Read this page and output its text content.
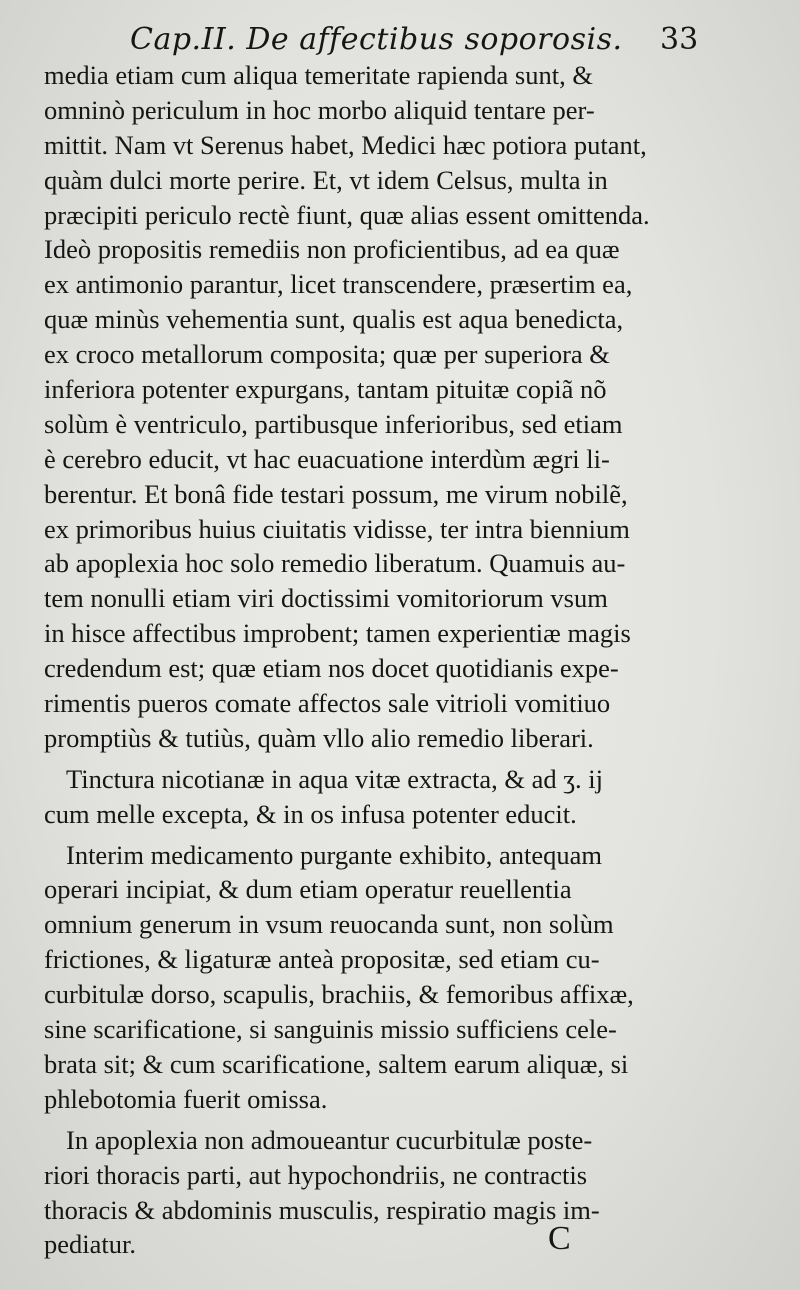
Cap.II. De affectibus soporosis. 33
media etiam cum aliqua temeritate rapienda sunt, &
omninò periculum in hoc morbo aliquid tentare per-
mittit. Nam vt Serenus habet, Medici hæc potiora putant,
quàm dulci morte perire. Et, vt idem Celsus, multa in
præcipiti periculo rectè fiunt, quæ alias essent omittenda.
Ideò propositis remediis non proficientibus, ad ea quæ
ex antimonio parantur, licet transcendere, præsertim ea,
quæ minùs vehementia sunt, qualis est aqua benedicta,
ex croco metallorum composita; quæ per superiora &
inferiora potenter expurgans, tantam pituitæ copiã nõ
solùm è ventriculo, partibusque inferioribus, sed etiam
è cerebro educit, vt hac euacuatione interdùm ægri li-
berentur. Et bonâ fide testari possum, me virum nobilẽ,
ex primoribus huius ciuitatis vidisse, ter intra biennium
ab apoplexia hoc solo remedio liberatum. Quamuis au-
tem nonulli etiam viri doctissimi vomitoriorum vsum
in hisce affectibus improbent; tamen experientiæ magis
credendum est; quæ etiam nos docet quotidianis expe-
rimentis pueros comate affectos sale vitrioli vomitiuo
promptiùs & tutiùs, quàm vllo alio remedio liberari.
Tinctura nicotianæ in aqua vitæ extracta, & ad ʒ. ij
cum melle excepta, & in os infusa potenter educit.
Interim medicamento purgante exhibito, antequam
operari incipiat, & dum etiam operatur reuellentia
omnium generum in vsum reuocanda sunt, non solùm
frictiones, & ligaturæ anteà propositæ, sed etiam cu-
curbitulæ dorso, scapulis, brachiis, & femoribus affixæ,
sine scarificatione, si sanguinis missio sufficiens cele-
brata sit; & cum scarificatione, saltem earum aliquæ, si
phlebotomia fuerit omissa.
In apoplexia non admoueantur cucurbitulæ poste-
riori thoracis parti, aut hypochondriis, ne contractis
thoracis & abdominis musculis, respiratio magis im-
pediatur.	C
